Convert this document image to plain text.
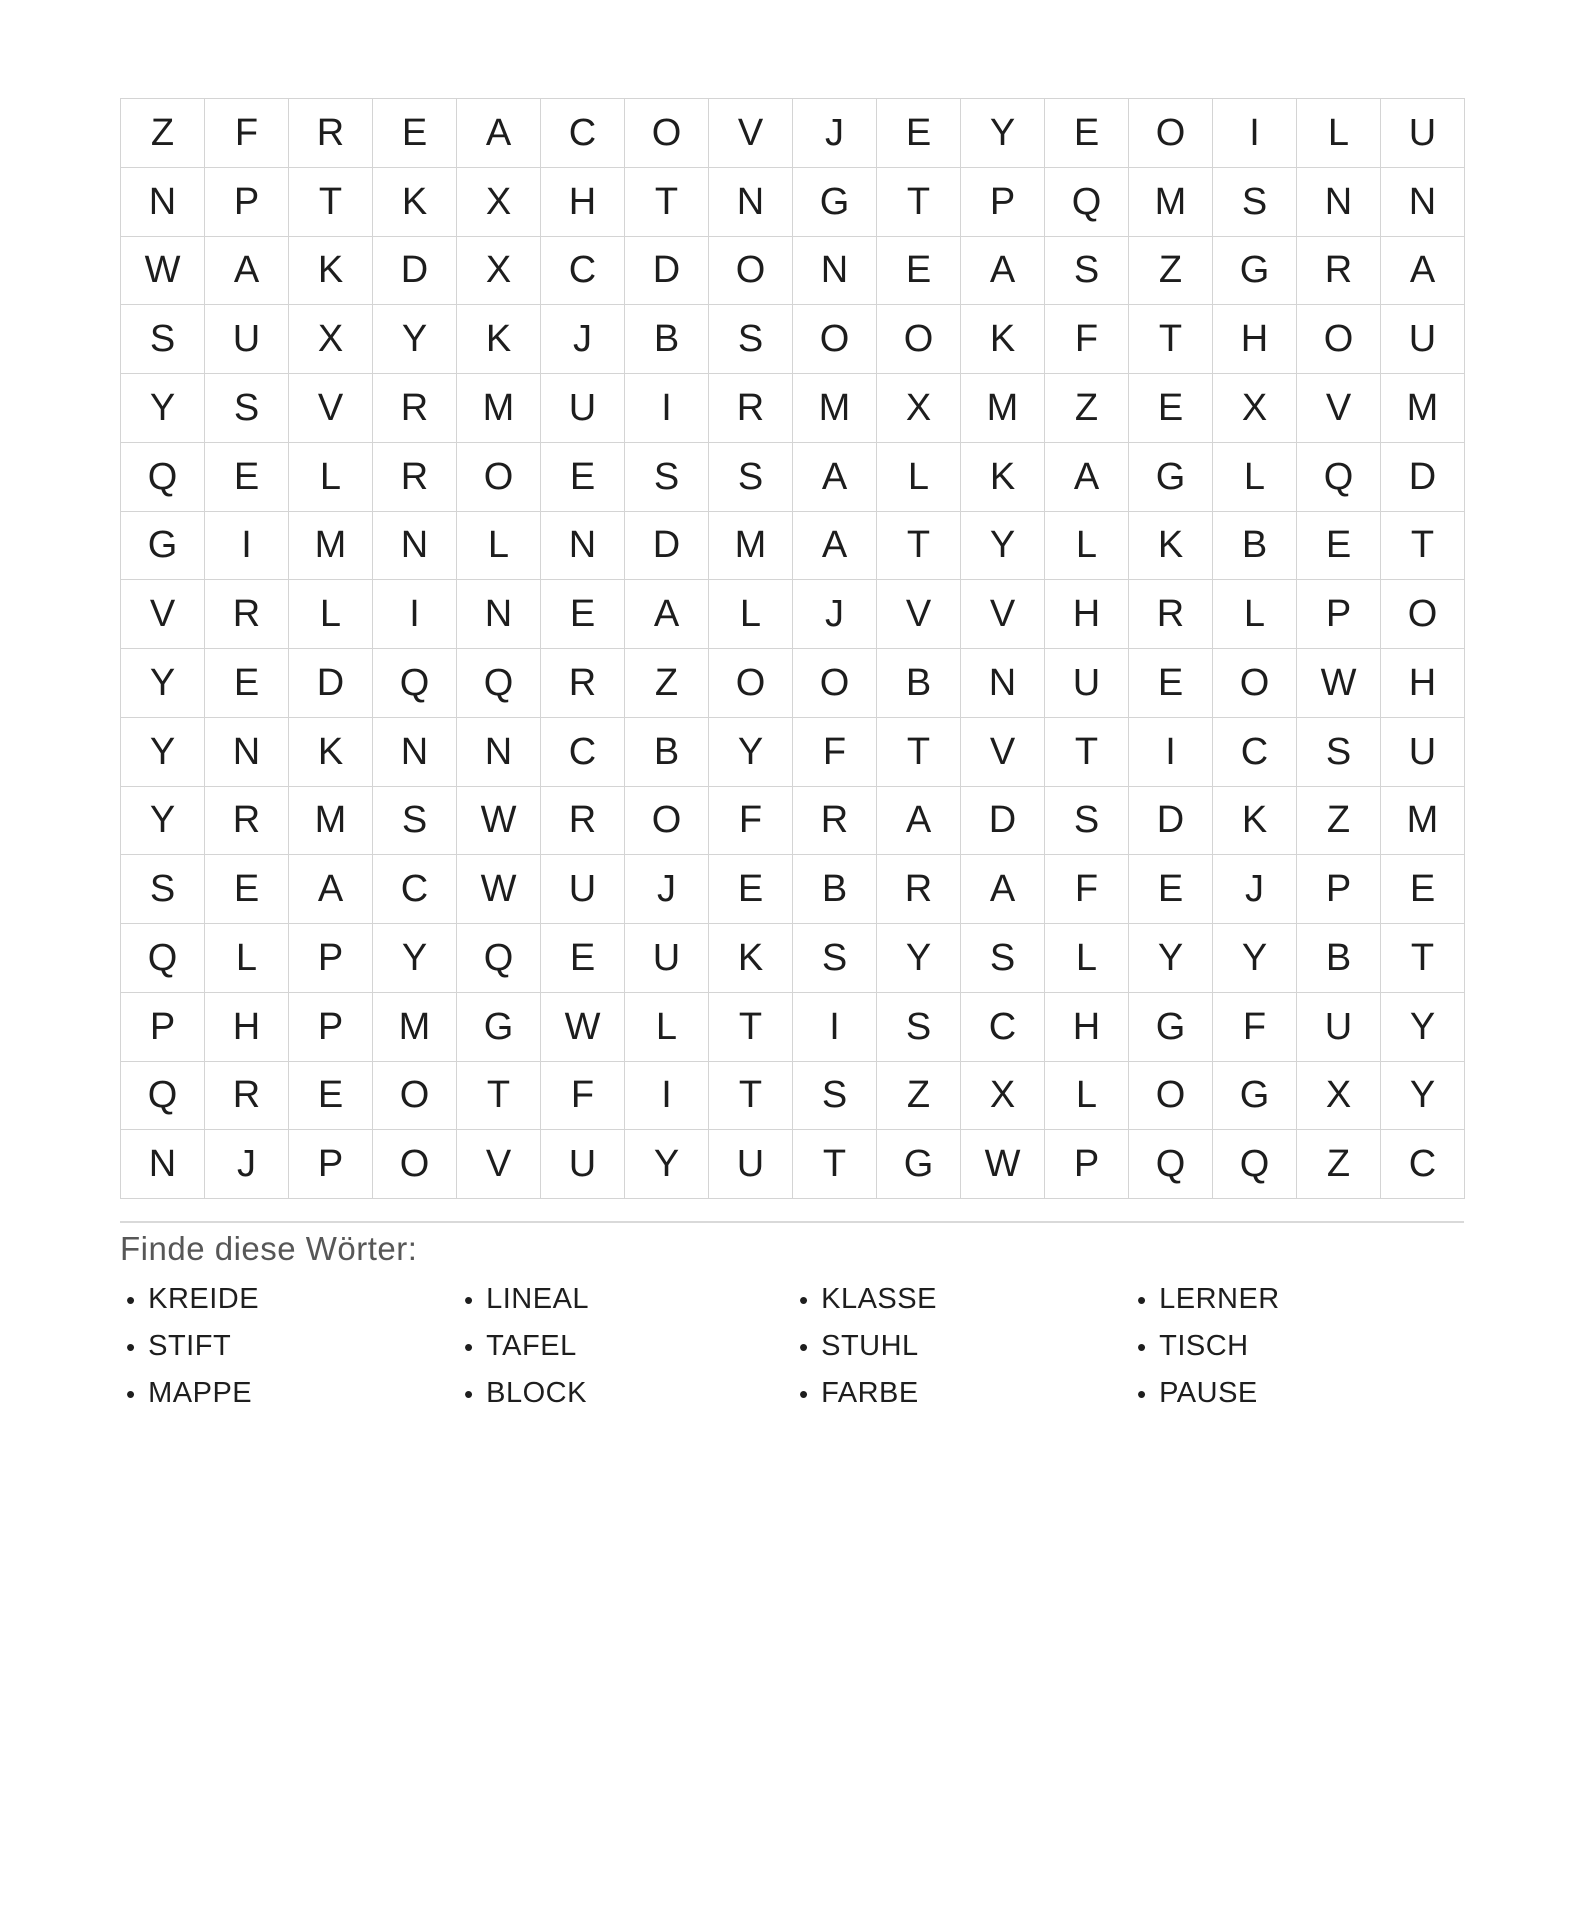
Z	F	R	E	A	C	O	V	J	E	Y	E	O	I	L	U
N	P	T	K	X	H	T	N	G	T	P	Q	M	S	N	N
W	A	K	D	X	C	D	O	N	E	A	S	Z	G	R	A
S	U	X	Y	K	J	B	S	O	O	K	F	T	H	O	U
Y	S	V	R	M	U	I	R	M	X	M	Z	E	X	V	M
Q	E	L	R	O	E	S	S	A	L	K	A	G	L	Q	D
G	I	M	N	L	N	D	M	A	T	Y	L	K	B	E	T
V	R	L	I	N	E	A	L	J	V	V	H	R	L	P	O
Y	E	D	Q	Q	R	Z	O	O	B	N	U	E	O	W	H
Y	N	K	N	N	C	B	Y	F	T	V	T	I	C	S	U
Y	R	M	S	W	R	O	F	R	A	D	S	D	K	Z	M
S	E	A	C	W	U	J	E	B	R	A	F	E	J	P	E
Q	L	P	Y	Q	E	U	K	S	Y	S	L	Y	Y	B	T
P	H	P	M	G	W	L	T	I	S	C	H	G	F	U	Y
Q	R	E	O	T	F	I	T	S	Z	X	L	O	G	X	Y
N	J	P	O	V	U	Y	U	T	G	W	P	Q	Q	Z	C
Finde diese Wörter:
• KREIDE	• LINEAL	• KLASSE	• LERNER
• STIFT	• TAFEL	• STUHL	• TISCH
• MAPPE	• BLOCK	• FARBE	• PAUSE
